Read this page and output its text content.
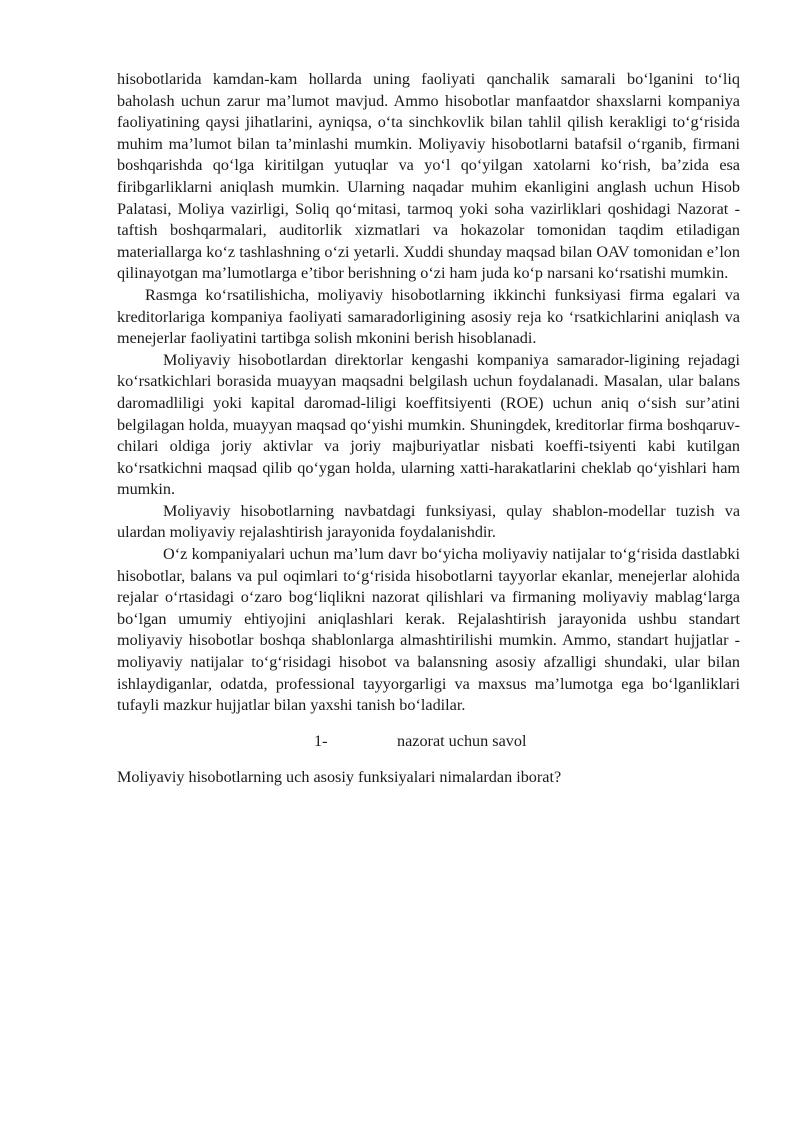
hisobotlarida kamdan-kam hollarda uning faoliyati qanchalik samarali bo‘lganini to‘liq baholash uchun zarur ma’lumot mavjud. Ammo hisobotlar manfaatdor shaxslarni kompaniya faoliyatining qaysi jihatlarini, ayniqsa, o‘ta sinchkovlik bilan tahlil qilish kerakligi to‘g‘risida muhim ma’lumot bilan ta’minlashi mumkin. Moliyaviy hisobotlarni batafsil o‘rganib, firmani boshqarishda qo‘lga kiritilgan yutuqlar va yo‘l qo‘yilgan xatolarni ko‘rish, ba’zida esa firibgarliklarni aniqlash mumkin. Ularning naqadar muhim ekanligini anglash uchun Hisob Palatasi, Moliya vazirligi, Soliq qo‘mitasi, tarmoq yoki soha vazirliklari qoshidagi Nazorat - taftish boshqarmalari, auditorlik xizmatlari va hokazolar tomonidan taqdim etiladigan materiallarga ko‘z tashlashning o‘zi yetarli. Xuddi shunday maqsad bilan OAV tomonidan e’lon qilinayotgan ma’lumotlarga e’tibor berishning o‘zi ham juda ko‘p narsani ko‘rsatishi mumkin.

Rasmga ko‘rsatilishicha, moliyaviy hisobotlarning ikkinchi funksiyasi firma egalari va kreditorlariga kompaniya faoliyati samaradorligining asosiy reja ko ‘rsatkichlarini aniqlash va menejerlar faoliyatini tartibga solish mkonini berish hisoblanadi.

Moliyaviy hisobotlardan direktorlar kengashi kompaniya samarador-ligining rejadagi ko‘rsatkichlari borasida muayyan maqsadni belgilash uchun foydalanadi. Masalan, ular balans daromadliligi yoki kapital daromad-liligi koeffitsiyenti (ROE) uchun aniq o‘sish sur’atini belgilagan holda, muayyan maqsad qo‘yishi mumkin. Shuningdek, kreditorlar firma boshqaruv-chilari oldiga joriy aktivlar va joriy majburiyatlar nisbati koeffi-tsiyenti kabi kutilgan ko‘rsatkichni maqsad qilib qo‘ygan holda, ularning xatti-harakatlarini cheklab qo‘yishlari ham mumkin.

Moliyaviy hisobotlarning navbatdagi funksiyasi, qulay shablon-modellar tuzish va ulardan moliyaviy rejalashtirish jarayonida foydalanishdir.

O‘z kompaniyalari uchun ma’lum davr bo‘yicha moliyaviy natijalar to‘g‘risida dastlabki hisobotlar, balans va pul oqimlari to‘g‘risida hisobotlarni tayyorlar ekanlar, menejerlar alohida rejalar o‘rtasidagi o‘zaro bog‘liqlikni nazorat qilishlari va firmaning moliyaviy mablag‘larga bo‘lgan umumiy ehtiyojini aniqlashlari kerak. Rejalashtirish jarayonida ushbu standart moliyaviy hisobotlar boshqa shablonlarga almashtirilishi mumkin. Ammo, standart hujjatlar - moliyaviy natijalar to‘g‘risidagi hisobot va balansning asosiy afzalligi shundaki, ular bilan ishlaydiganlar, odatda, professional tayyorgarligi va maxsus ma’lumotga ega bo‘lganliklari tufayli mazkur hujjatlar bilan yaxshi tanish bo‘ladilar.

1-	nazorat uchun savol

Moliyaviy hisobotlarning uch asosiy funksiyalari nimalardan iborat?
